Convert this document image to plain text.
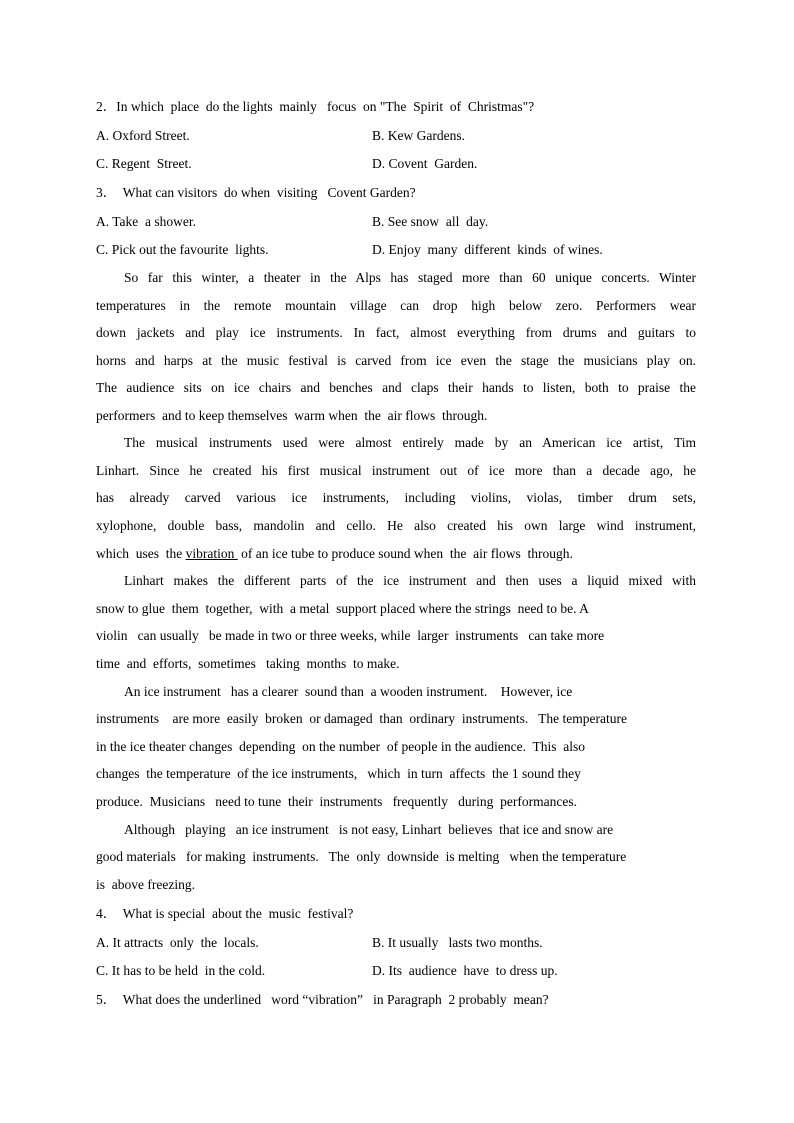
2．In which  place  do the lights  mainly   focus  on "The  Spirit  of  Christmas"?
A. Oxford Street.	B. Kew Gardens.
C. Regent  Street.	D. Covent  Garden.
3．  What can visitors  do when  visiting   Covent Garden?
A. Take  a shower.	B. See snow  all  day.
C. Pick out the favourite  lights.	D. Enjoy  many  different  kinds  of wines.
So far this winter, a theater in the Alps has staged more than 60 unique concerts. Winter
temperatures in the remote mountain village can drop high below zero. Performers wear
down jackets and play ice instruments. In fact, almost everything from drums and guitars to
horns and harps at the music festival is carved from ice even the stage the musicians play on.
The audience sits on ice chairs and benches and claps their hands to listen, both to praise the
performers  and to keep themselves  warm when  the  air flows  through.
The musical instruments used were almost entirely made by an American ice artist, Tim
Linhart. Since he created his first musical instrument out of ice more than a decade ago, he
has already carved various ice instruments, including violins, violas, timber drum sets,
xylophone, double bass, mandolin and cello. He also created his own large wind instrument,
which  uses  the vibration  of an ice tube to produce sound when  the  air flows  through.
Linhart makes the different parts of the ice instrument and then uses a liquid mixed with
snow to glue  them  together,  with  a metal  support placed where the strings  need to be. A
violin   can usually   be made in two or three weeks, while  larger  instruments   can take more
time  and  efforts,  sometimes   taking  months  to make.
An ice instrument   has a clearer  sound than  a wooden instrument.    However, ice
instruments    are more  easily  broken  or damaged  than  ordinary  instruments.   The temperature
in the ice theater changes  depending  on the number  of people in the audience.  This  also
changes  the temperature  of the ice instruments,   which  in turn  affects  the 1 sound they
produce.  Musicians   need to tune  their  instruments   frequently   during  performances.
Although   playing   an ice instrument   is not easy, Linhart  believes  that ice and snow are
good materials   for making  instruments.   The  only  downside  is melting   when the temperature
is  above freezing.
4．  What is special  about the  music  festival?
A. It attracts  only  the  locals.	B. It usually   lasts two months.
C. It has to be held  in the cold.	D. Its  audience  have  to dress up.
5．  What does the underlined   word “vibration”   in Paragraph  2 probably  mean?
